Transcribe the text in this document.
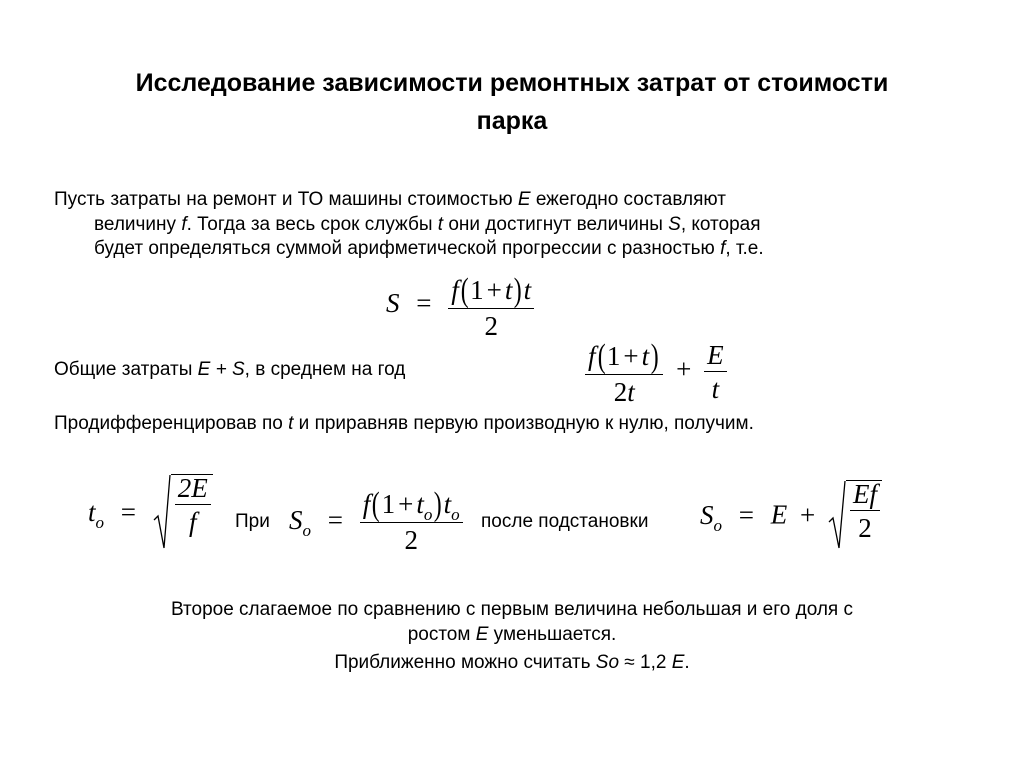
Исследование зависимости ремонтных затрат от стоимости
парка
Пусть затраты на ремонт и ТО машины стоимостью E ежегодно составляют
величину f. Тогда за весь срок службы t они достигнут величины S, которая
будет определяться суммой арифметической прогрессии с разностью f, т.е.
$S = \frac{f(1 + t)t}{2}$
Общие затраты E + S, в среднем на год	$\frac{f(1 + t)}{2t} + \frac{E}{t}$
Продифференцировав по t и приравняв первую производную к нулю, получим.
$t_o = \frac{2E}{f}$ При $S_o = \frac{f(1 + t_o)t_o}{2}$ после подстановки $S_o = E + \frac{Ef}{2}$
Второе слагаемое по сравнению с первым величина небольшая и его доля с
ростом E уменьшается.
Приближенно можно считать So ≈ 1,2 E.
